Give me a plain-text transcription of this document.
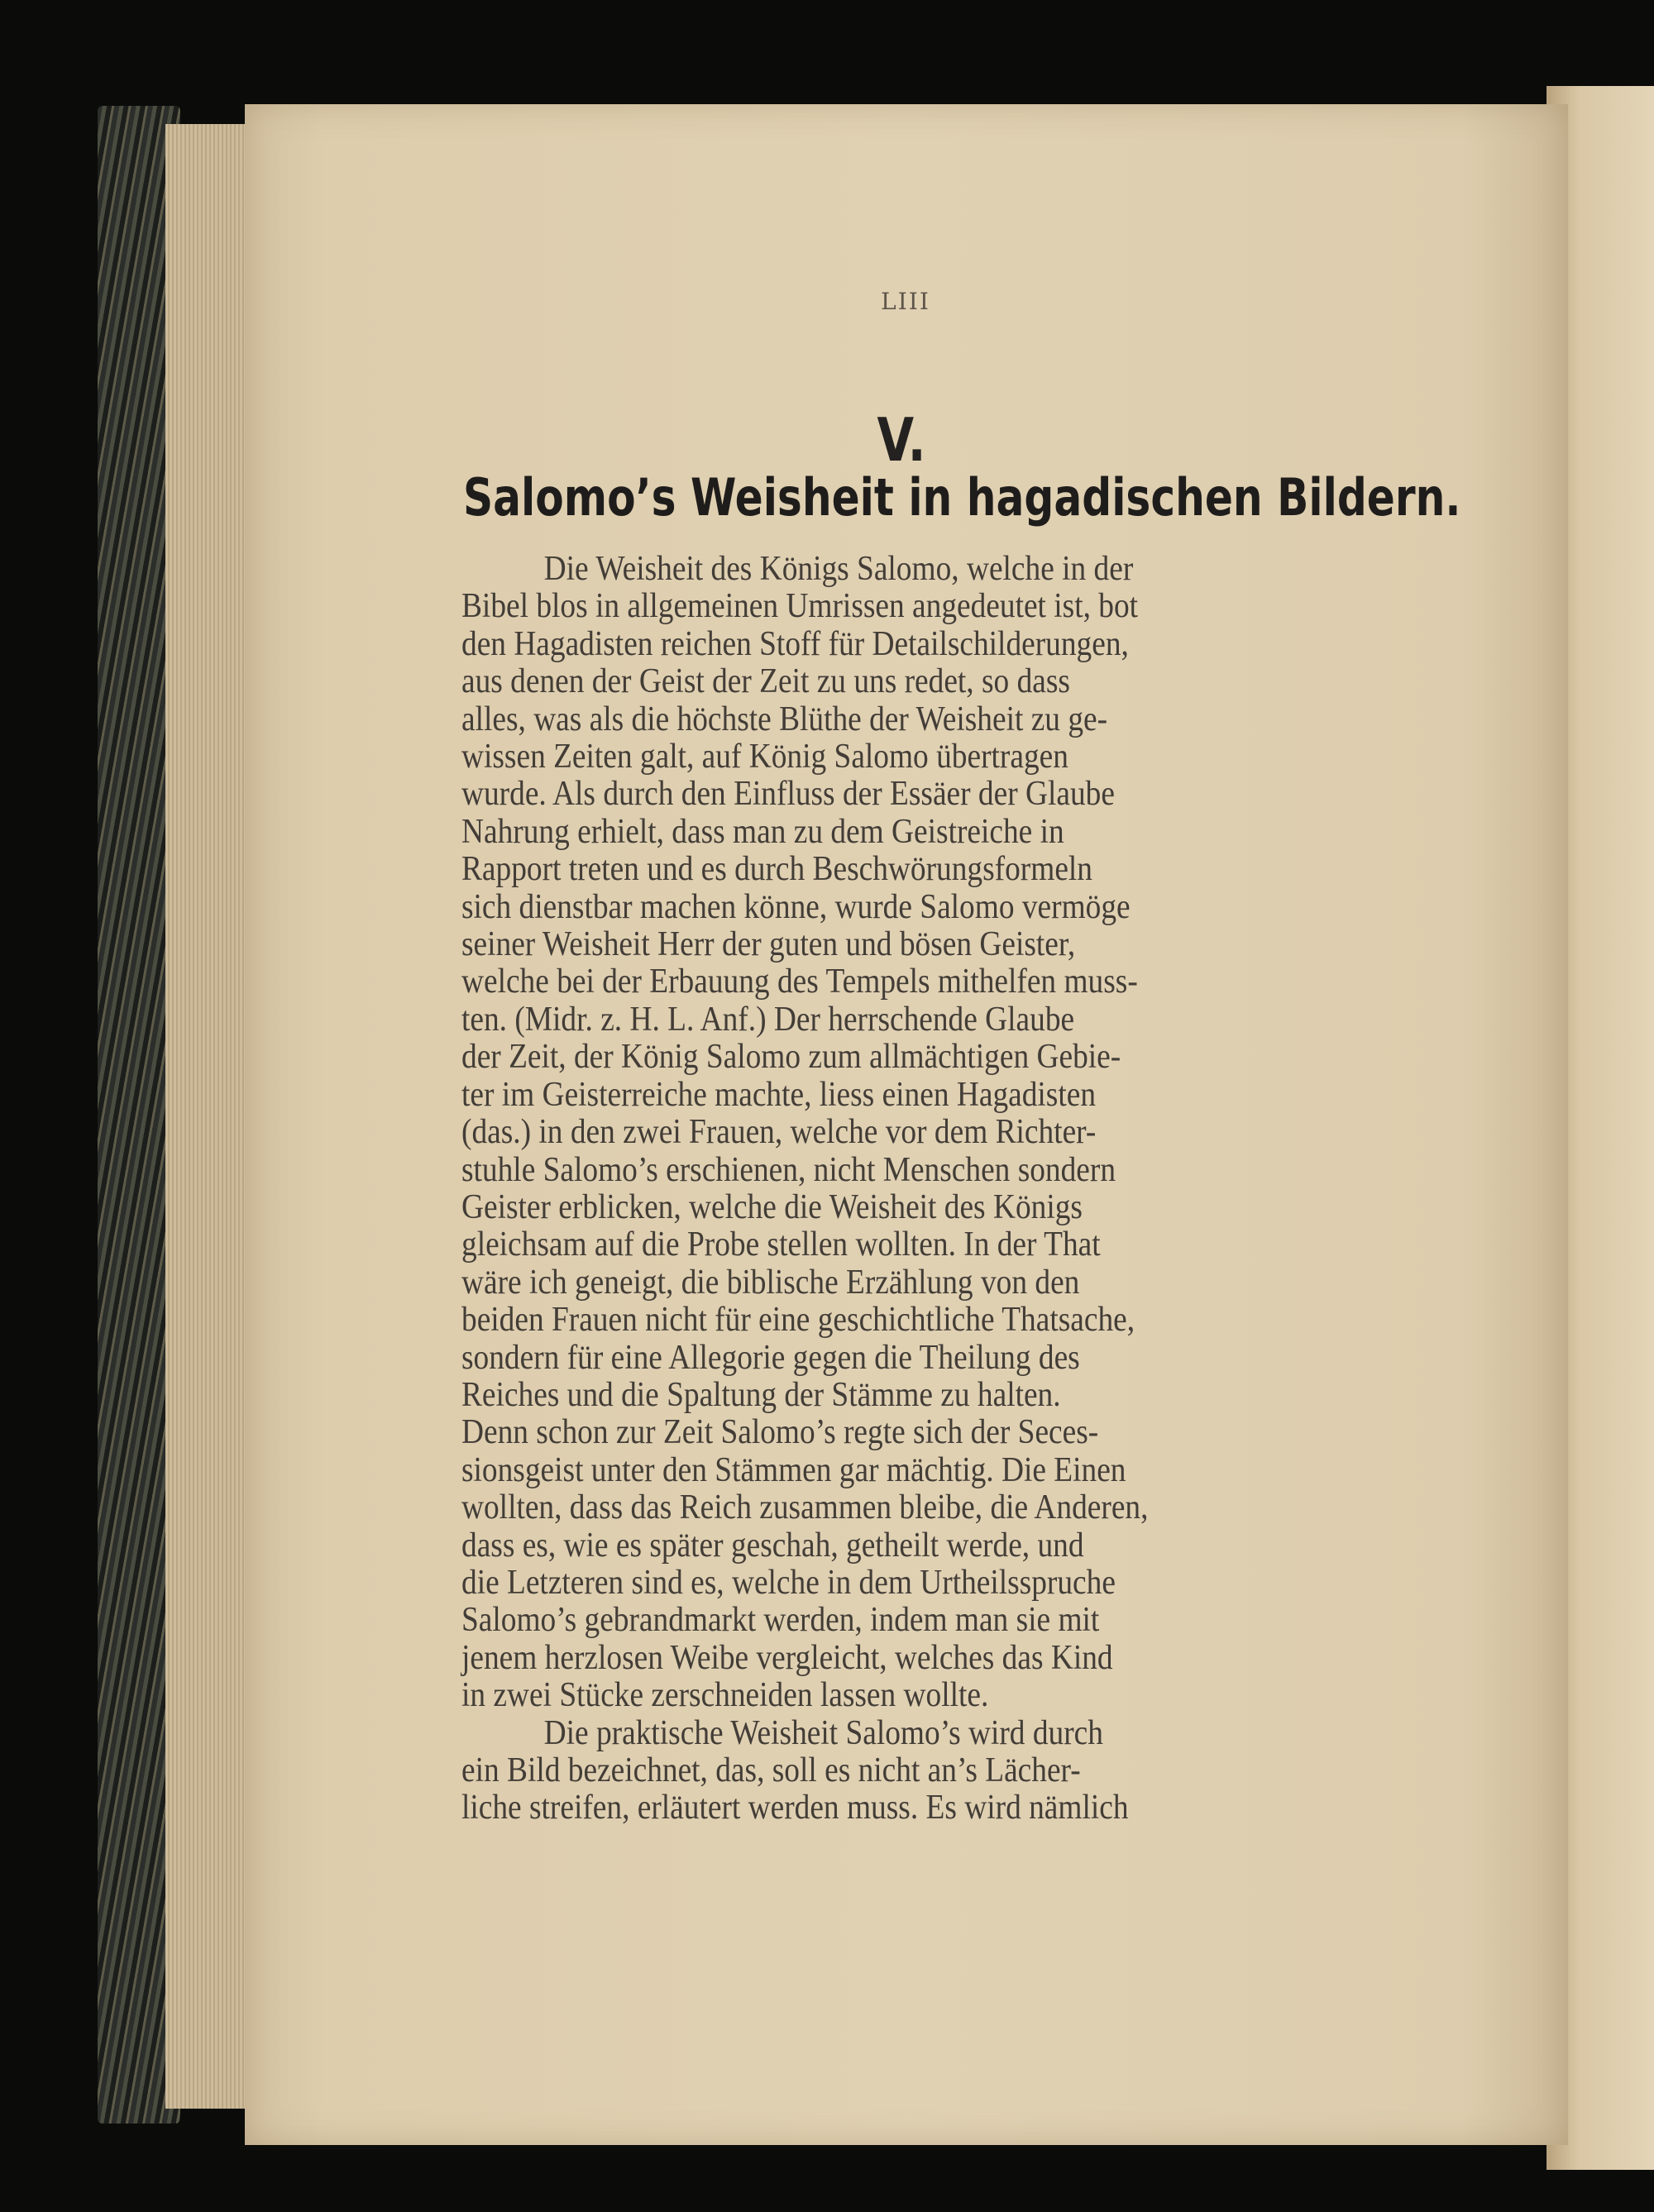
LIII
V.
Salomo’s Weisheit in hagadischen Bildern.
Die Weisheit des Königs Salomo, welche in der
Bibel blos in allgemeinen Umrissen angedeutet ist, bot
den Hagadisten reichen Stoff für Detailschilderungen,
aus denen der Geist der Zeit zu uns redet, so dass
alles, was als die höchste Blüthe der Weisheit zu ge-
wissen Zeiten galt, auf König Salomo übertragen
wurde. Als durch den Einfluss der Essäer der Glaube
Nahrung erhielt, dass man zu dem Geistreiche in
Rapport treten und es durch Beschwörungsformeln
sich dienstbar machen könne, wurde Salomo vermöge
seiner Weisheit Herr der guten und bösen Geister,
welche bei der Erbauung des Tempels mithelfen muss-
ten. (Midr. z. H. L. Anf.) Der herrschende Glaube
der Zeit, der König Salomo zum allmächtigen Gebie-
ter im Geisterreiche machte, liess einen Hagadisten
(das.) in den zwei Frauen, welche vor dem Richter-
stuhle Salomo’s erschienen, nicht Menschen sondern
Geister erblicken, welche die Weisheit des Königs
gleichsam auf die Probe stellen wollten. In der That
wäre ich geneigt, die biblische Erzählung von den
beiden Frauen nicht für eine geschichtliche Thatsache,
sondern für eine Allegorie gegen die Theilung des
Reiches und die Spaltung der Stämme zu halten.
Denn schon zur Zeit Salomo’s regte sich der Seces-
sionsgeist unter den Stämmen gar mächtig. Die Einen
wollten, dass das Reich zusammen bleibe, die Anderen,
dass es, wie es später geschah, getheilt werde, und
die Letzteren sind es, welche in dem Urtheilsspruche
Salomo’s gebrandmarkt werden, indem man sie mit
jenem herzlosen Weibe vergleicht, welches das Kind
in zwei Stücke zerschneiden lassen wollte.
Die praktische Weisheit Salomo’s wird durch
ein Bild bezeichnet, das, soll es nicht an’s Lächer-
liche streifen, erläutert werden muss. Es wird nämlich
